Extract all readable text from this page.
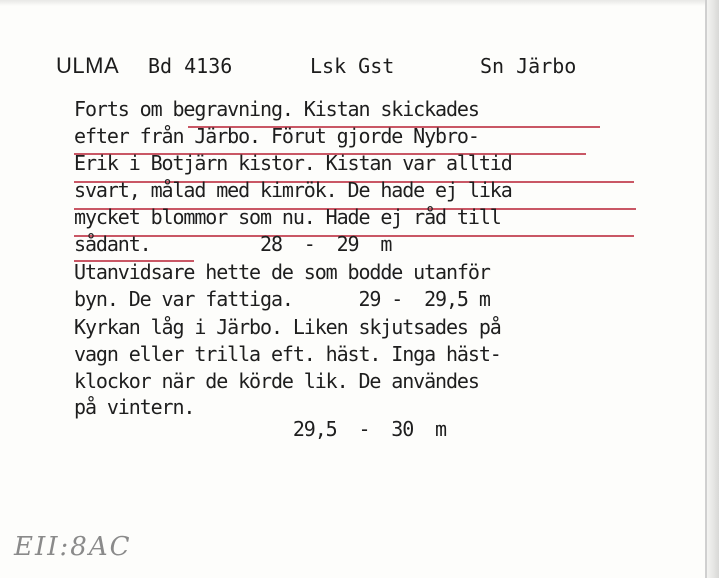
ULMA Bd 4136	Lsk Gst	Sn Järbo
Forts om begravning. Kistan skickades
efter från Järbo. Förut gjorde Nybro-
Erik i Botjärn kistor. Kistan var alltid
svart, målad med kimrök. De hade ej lika
mycket blommor som nu. Hade ej råd till
sådant.          28  -  29  m
Utanvidsare hette de som bodde utanför
byn. De var fattiga.      29 -  29,5 m
Kyrkan låg i Järbo. Liken skjutsades på
vagn eller trilla eft. häst. Inga häst-
klockor när de körde lik. De användes
på vintern.
29,5  -  30  m
EII:8AC
